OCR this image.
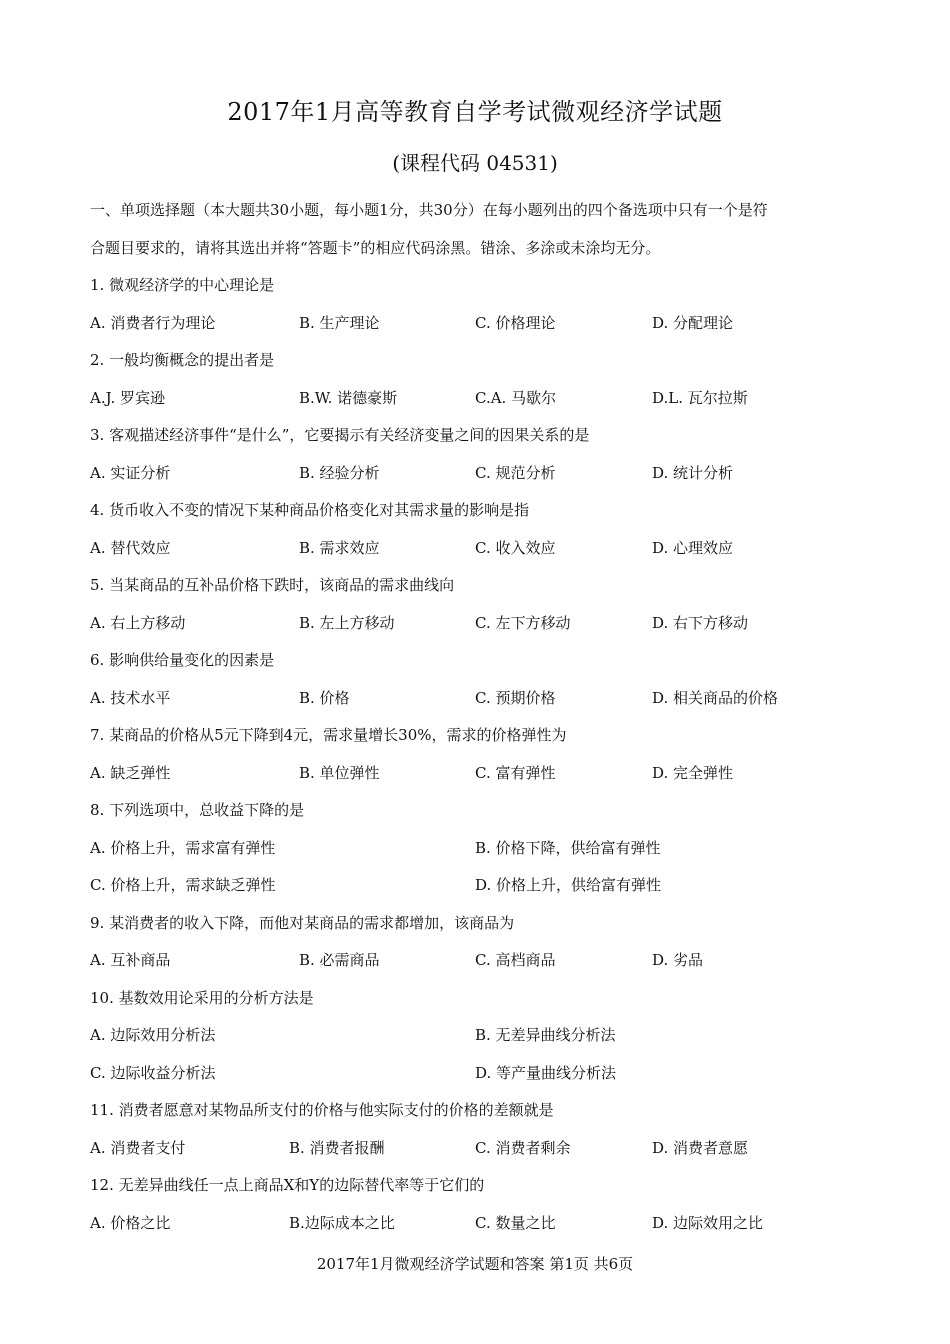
2017年1月高等教育自学考试微观经济学试题
(课程代码 04531)
一、单项选择题（本大题共30小题，每小题1分，共30分）在每小题列出的四个备选项中只有一个是符
合题目要求的，请将其选出并将“答题卡”的相应代码涂黑。错涂、多涂或未涂均无分。
1. 微观经济学的中心理论是
A. 消费者行为理论	B. 生产理论	C. 价格理论	D. 分配理论
2. 一般均衡概念的提出者是
A.J. 罗宾逊	B.W. 诺德豪斯	C.A. 马歇尔	D.L. 瓦尔拉斯
3. 客观描述经济事件“是什么”，它要揭示有关经济变量之间的因果关系的是
A. 实证分析	B. 经验分析	C. 规范分析	D. 统计分析
4. 货币收入不变的情况下某种商品价格变化对其需求量的影响是指
A. 替代效应	B. 需求效应	C. 收入效应	D. 心理效应
5. 当某商品的互补品价格下跌时，该商品的需求曲线向
A. 右上方移动	B. 左上方移动	C. 左下方移动	D. 右下方移动
6. 影响供给量变化的因素是
A. 技术水平	B. 价格	C. 预期价格	D. 相关商品的价格
7. 某商品的价格从5元下降到4元，需求量增长30%，需求的价格弹性为
A. 缺乏弹性	B. 单位弹性	C. 富有弹性	D. 完全弹性
8. 下列选项中，总收益下降的是
A. 价格上升，需求富有弹性	B. 价格下降，供给富有弹性
C. 价格上升，需求缺乏弹性	D. 价格上升，供给富有弹性
9. 某消费者的收入下降，而他对某商品的需求都增加，该商品为
A. 互补商品	B. 必需商品	C. 高档商品	D. 劣品
10. 基数效用论采用的分析方法是
A. 边际效用分析法	B. 无差异曲线分析法
C. 边际收益分析法	D. 等产量曲线分析法
11. 消费者愿意对某物品所支付的价格与他实际支付的价格的差额就是
A. 消费者支付	B. 消费者报酬	C. 消费者剩余	D. 消费者意愿
12. 无差异曲线任一点上商品X和Y的边际替代率等于它们的
A. 价格之比	B.边际成本之比	C. 数量之比	D. 边际效用之比
2017年1月微观经济学试题和答案 第1页 共6页
